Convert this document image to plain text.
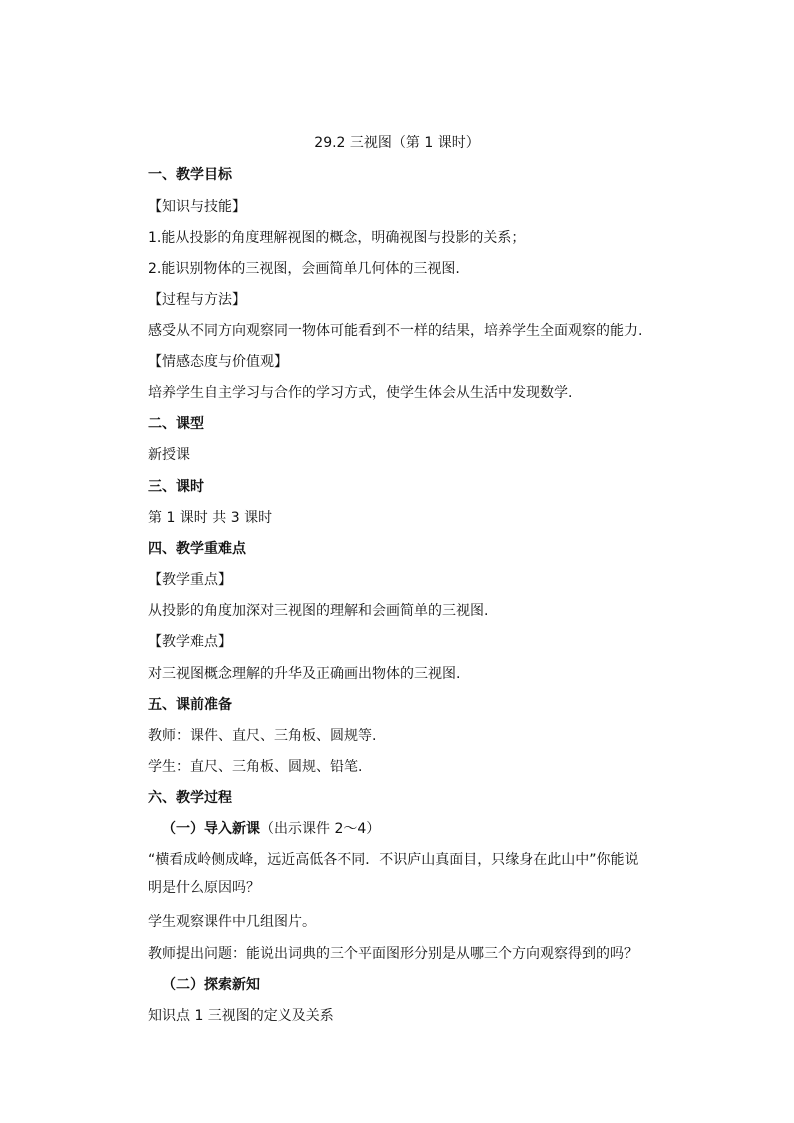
29.2 三视图（第 1 课时）
一、教学目标
【知识与技能】
1.能从投影的角度理解视图的概念，明确视图与投影的关系；
2.能识别物体的三视图，会画简单几何体的三视图.
【过程与方法】
感受从不同方向观察同一物体可能看到不一样的结果，培养学生全面观察的能力.
【情感态度与价值观】
培养学生自主学习与合作的学习方式，使学生体会从生活中发现数学.
二、课型
新授课
三、课时
第 1 课时 共 3 课时
四、教学重难点
【教学重点】
从投影的角度加深对三视图的理解和会画简单的三视图.
【教学难点】
对三视图概念理解的升华及正确画出物体的三视图.
五、课前准备
教师：课件、直尺、三角板、圆规等.
学生：直尺、三角板、圆规、铅笔.
六、教学过程
（一）导入新课（出示课件 2～4）
“横看成岭侧成峰，远近高低各不同．不识庐山真面目，只缘身在此山中”你能说明是什么原因吗？
学生观察课件中几组图片。
教师提出问题：能说出词典的三个平面图形分别是从哪三个方向观察得到的吗？
（二）探索新知
知识点 1 三视图的定义及关系
